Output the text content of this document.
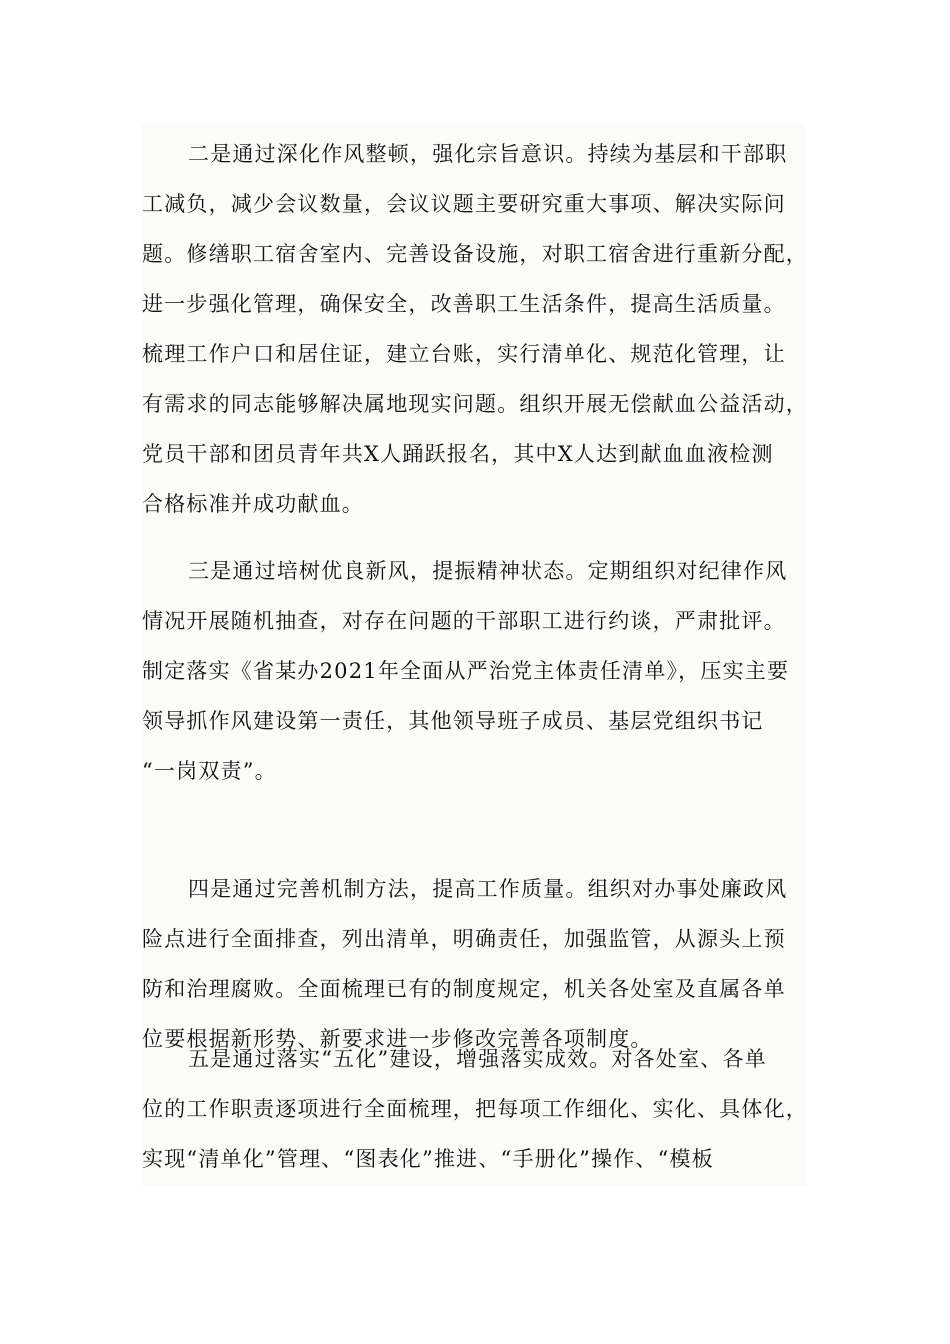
二是通过深化作风整顿，强化宗旨意识。持续为基层和干部职
工减负，减少会议数量，会议议题主要研究重大事项、解决实际问
题。修缮职工宿舍室内、完善设备设施，对职工宿舍进行重新分配，
进一步强化管理，确保安全，改善职工生活条件，提高生活质量。
梳理工作户口和居住证，建立台账，实行清单化、规范化管理，让
有需求的同志能够解决属地现实问题。组织开展无偿献血公益活动，
党员干部和团员青年共X人踊跃报名，其中X人达到献血血液检测
合格标准并成功献血。
三是通过培树优良新风，提振精神状态。定期组织对纪律作风
情况开展随机抽查，对存在问题的干部职工进行约谈，严肃批评。
制定落实《省某办2021年全面从严治党主体责任清单》，压实主要
领导抓作风建设第一责任，其他领导班子成员、基层党组织书记
“一岗双责”。
四是通过完善机制方法，提高工作质量。组织对办事处廉政风
险点进行全面排查，列出清单，明确责任，加强监管，从源头上预
防和治理腐败。全面梳理已有的制度规定，机关各处室及直属各单
位要根据新形势、新要求进一步修改完善各项制度。
五是通过落实“五化”建设，增强落实成效。对各处室、各单
位的工作职责逐项进行全面梳理，把每项工作细化、实化、具体化，
实现“清单化”管理、“图表化”推进、“手册化”操作、“模板
